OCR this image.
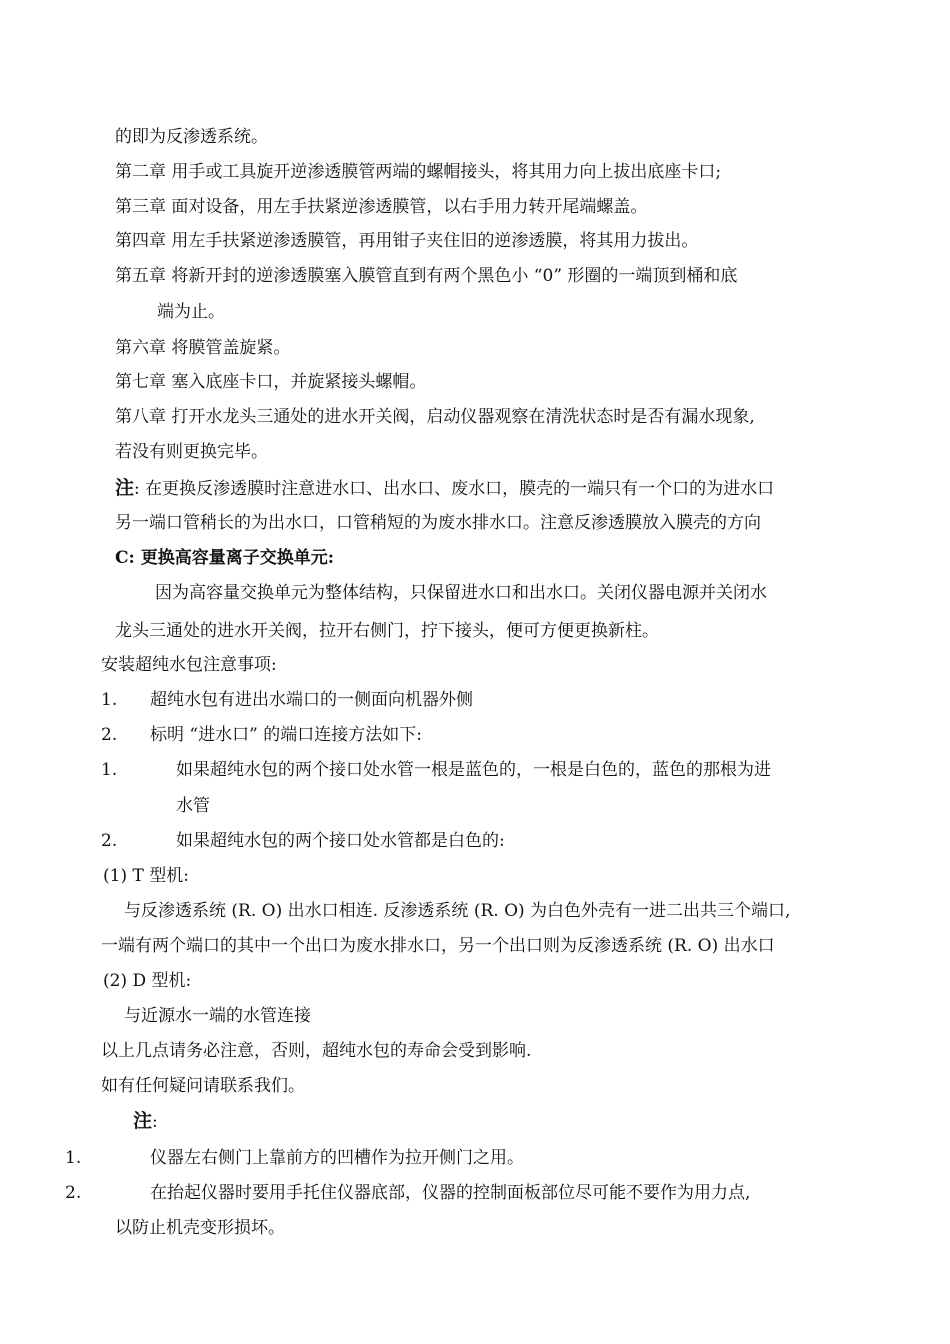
的即为反渗透系统。
第二章 用手或工具旋开逆渗透膜管两端的螺帽接头，将其用力向上拔出底座卡口;
第三章 面对设备，用左手扶紧逆渗透膜管，以右手用力转开尾端螺盖。
第四章 用左手扶紧逆渗透膜管，再用钳子夹住旧的逆渗透膜，将其用力拔出。
第五章 将新开封的逆渗透膜塞入膜管直到有两个黑色小 “0” 形圈的一端顶到桶和底
端为止。
第六章 将膜管盖旋紧。
第七章 塞入底座卡口，并旋紧接头螺帽。
第八章 打开水龙头三通处的进水开关阀，启动仪器观察在清洗状态时是否有漏水现象,
若没有则更换完毕。
注: 在更换反渗透膜时注意进水口、出水口、废水口，膜壳的一端只有一个口的为进水口
另一端口管稍长的为出水口，口管稍短的为废水排水口。注意反渗透膜放入膜壳的方向
C: 更换高容量离子交换单元:
因为高容量交换单元为整体结构，只保留进水口和出水口。关闭仪器电源并关闭水
龙头三通处的进水开关阀，拉开右侧门，拧下接头，便可方便更换新柱。
安装超纯水包注意事项:
1. 超纯水包有进出水端口的一侧面向机器外侧
2. 标明 “进水口” 的端口连接方法如下:
1.	如果超纯水包的两个接口处水管一根是蓝色的，一根是白色的，蓝色的那根为进
水管
2.	如果超纯水包的两个接口处水管都是白色的:
(1) T 型机:
与反渗透系统 (R. O) 出水口相连. 反渗透系统 (R. O) 为白色外壳有一进二出共三个端口,
一端有两个端口的其中一个出口为废水排水口，另一个出口则为反渗透系统 (R. O) 出水口
(2) D 型机:
与近源水一端的水管连接
以上几点请务必注意，否则，超纯水包的寿命会受到影响.
如有任何疑问请联系我们。
注:
1.	仪器左右侧门上靠前方的凹槽作为拉开侧门之用。
2.	在抬起仪器时要用手托住仪器底部，仪器的控制面板部位尽可能不要作为用力点,
以防止机壳变形损坏。
